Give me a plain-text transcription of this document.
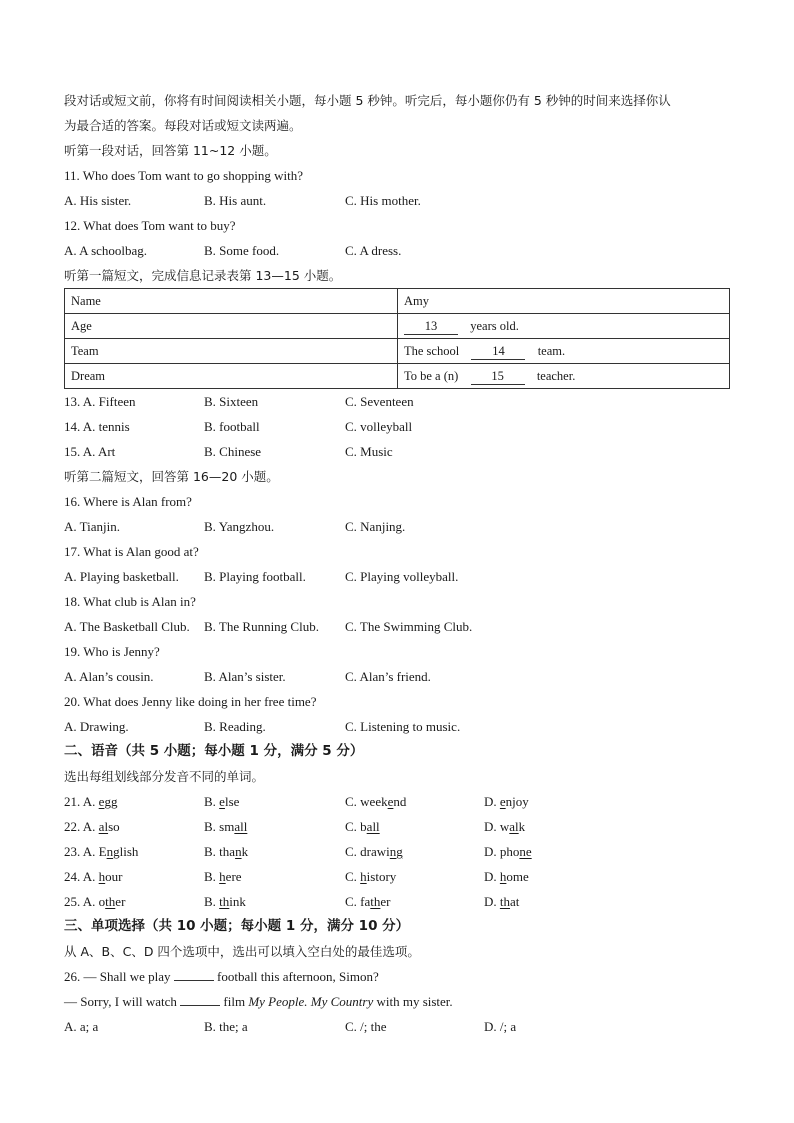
段对话或短文前，你将有时间阅读相关小题，每小题 5 秒钟。听完后，每小题你仍有 5 秒钟的时间来选择你认
为最合适的答案。每段对话或短文读两遍。
听第一段对话，回答第 11~12 小题。
11. Who does Tom want to go shopping with?
A. His sister.	B. His aunt.	C. His mother.
12. What does Tom want to buy?
A. A schoolbag.	B. Some food.	C. A dress.
听第一篇短文，完成信息记录表第 13—15 小题。
Name	Amy
Age	13 years old.
Team	The school 14 team.
Dream	To be a (n) 15 teacher.
13. A. Fifteen	B. Sixteen	C. Seventeen
14. A. tennis	B. football	C. volleyball
15. A. Art	B. Chinese	C. Music
听第二篇短文，回答第 16—20 小题。
16. Where is Alan from?
A. Tianjin.	B. Yangzhou.	C. Nanjing.
17. What is Alan good at?
A. Playing basketball.	B. Playing football.	C. Playing volleyball.
18. What club is Alan in?
A. The Basketball Club.	B. The Running Club.	C. The Swimming Club.
19. Who is Jenny?
A. Alan’s cousin.	B. Alan’s sister.	C. Alan’s friend.
20. What does Jenny like doing in her free time?
A. Drawing.	B. Reading.	C. Listening to music.
二、语音（共 5 小题；每小题 1 分，满分 5 分）
选出每组划线部分发音不同的单词。
21. A. egg	B. else	C. weekend	D. enjoy
22. A. also	B. small	C. ball	D. walk
23. A. English	B. thank	C. drawing	D. phone
24. A. hour	B. here	C. history	D. home
25. A. other	B. think	C. father	D. that
三、单项选择（共 10 小题；每小题 1 分，满分 10 分）
从 A、B、C、D 四个选项中，选出可以填入空白处的最佳选项。
26. — Shall we play	football this afternoon, Simon?
— Sorry, I will watch	film My People. My Country with my sister.
A. a; a	B. the; a	C. /; the	D. /; a
